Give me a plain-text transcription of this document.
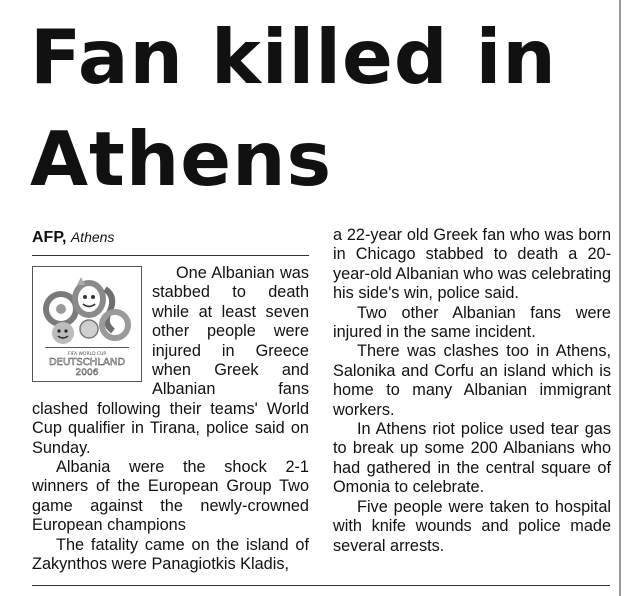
Fan killed in Athens
AFP, Athens
FIFA WORLD CUP
DEUTSCHLAND
2006

One Albanian was stabbed to death while at least seven other people were injured in Greece when Greek and Albanian fans clashed following their teams' World Cup qualifier in Tirana, police said on Sunday.

Albania were the shock 2-1 winners of the European Group Two game against the newly-crowned European champions

The fatality came on the island of Zakynthos were Panagiotkis Kladis,

a 22-year old Greek fan who was born in Chicago stabbed to death a 20-year-old Albanian who was celebrating his side's win, police said.

Two other Albanian fans were injured in the same incident.

There was clashes too in Athens, Salonika and Corfu an island which is home to many Albanian immigrant workers.

In Athens riot police used tear gas to break up some 200 Albanians who had gathered in the central square of Omonia to celebrate.

Five people were taken to hospital with knife wounds and police made several arrests.
